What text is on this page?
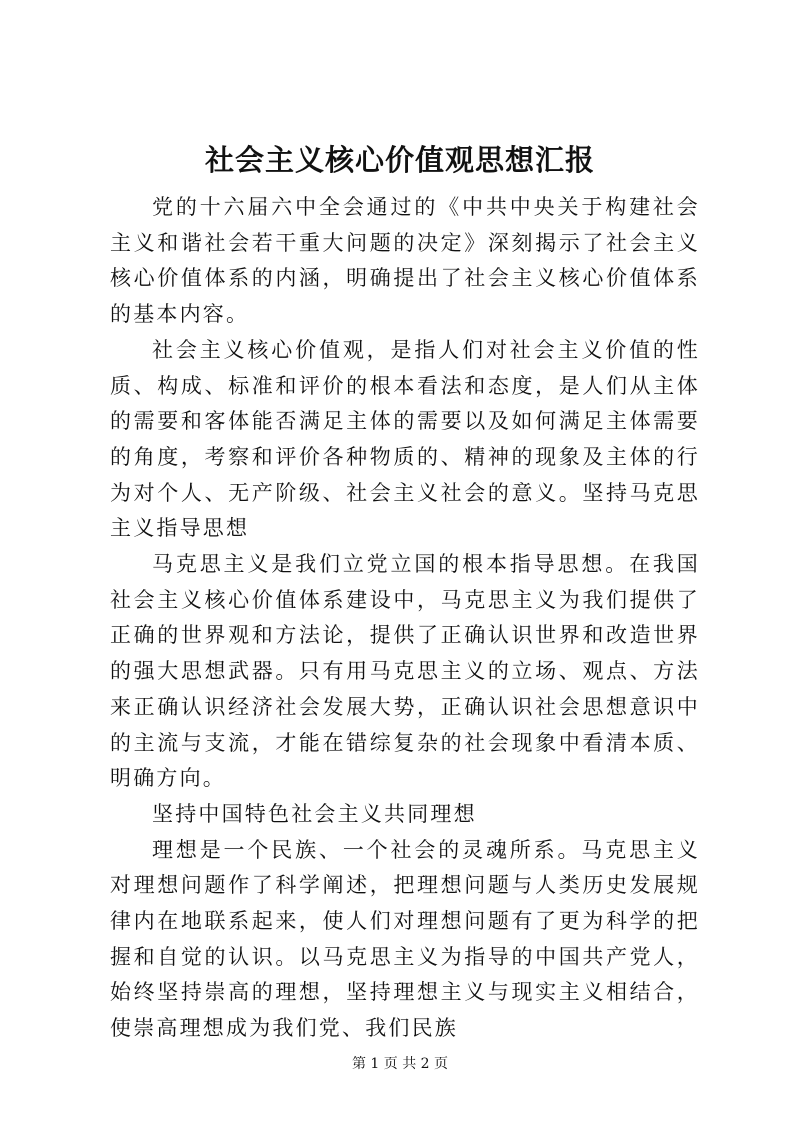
社会主义核心价值观思想汇报

党的十六届六中全会通过的《中共中央关于构建社会主义和谐社会若干重大问题的决定》深刻揭示了社会主义核心价值体系的内涵，明确提出了社会主义核心价值体系的基本内容。

社会主义核心价值观，是指人们对社会主义价值的性质、构成、标准和评价的根本看法和态度，是人们从主体的需要和客体能否满足主体的需要以及如何满足主体需要的角度，考察和评价各种物质的、精神的现象及主体的行为对个人、无产阶级、社会主义社会的意义。坚持马克思主义指导思想

马克思主义是我们立党立国的根本指导思想。在我国社会主义核心价值体系建设中，马克思主义为我们提供了正确的世界观和方法论，提供了正确认识世界和改造世界的强大思想武器。只有用马克思主义的立场、观点、方法来正确认识经济社会发展大势，正确认识社会思想意识中的主流与支流，才能在错综复杂的社会现象中看清本质、明确方向。

坚持中国特色社会主义共同理想

理想是一个民族、一个社会的灵魂所系。马克思主义对理想问题作了科学阐述，把理想问题与人类历史发展规律内在地联系起来，使人们对理想问题有了更为科学的把握和自觉的认识。以马克思主义为指导的中国共产党人，始终坚持崇高的理想，坚持理想主义与现实主义相结合，使崇高理想成为我们党、我们民族

第 1 页 共 2 页
